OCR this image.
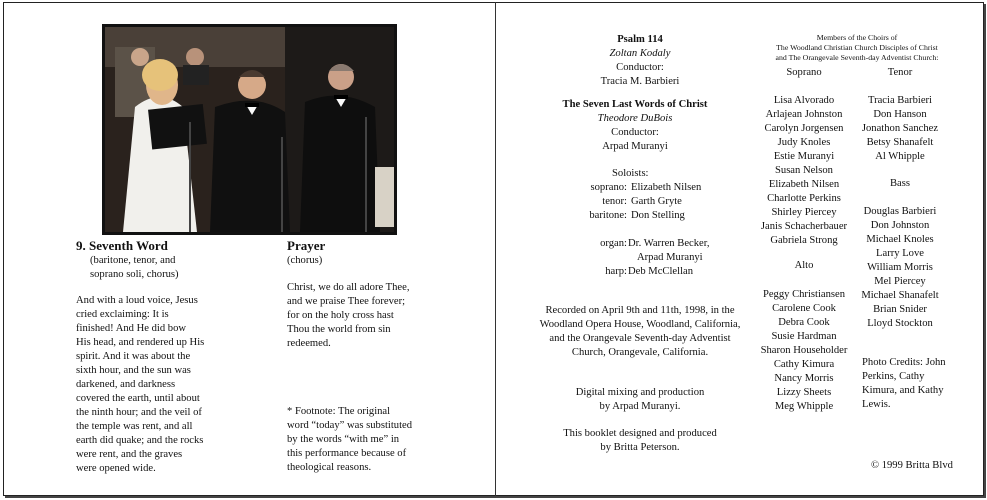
9. Seventh Word
(baritone, tenor, and
soprano soli, chorus)
And with a loud voice, Jesus
cried exclaiming: It is
finished! And He did bow
His head, and rendered up His
spirit. And it was about the
sixth hour, and the sun was
darkened, and darkness
covered the earth, until about
the ninth hour; and the veil of
the temple was rent, and all
earth did quake; and the rocks
were rent, and the graves
were opened wide.
Prayer
(chorus)
Christ, we do all adore Thee,
and we praise Thee forever;
for on the holy cross hast
Thou the world from sin
redeemed.
* Footnote: The original
word “today” was substituted
by the words “with me” in
this performance because of
theological reasons.
Psalm 114
Zoltan Kodaly
Conductor:
Tracia M. Barbieri
The Seven Last Words of Christ
Theodore DuBois
Conductor:
Arpad Muranyi
Soloists:
soprano:
tenor:
baritone:
Elizabeth Nilsen
Garth Gryte
Don Stelling
organ:

harp:
Dr. Warren Becker,
Arpad Muranyi
Deb McClellan
Recorded on April 9th and 11th, 1998, in the
Woodland Opera House, Woodland, California,
and the Orangevale Seventh-day Adventist
Church, Orangevale, California.
Digital mixing and production
by Arpad Muranyi.
This booklet designed and produced
by Britta Peterson.
Members of the Choirs of
The Woodland Christian Church Disciples of Christ
and The Orangevale Seventh-day Adventist Church:
Soprano	Tenor
Lisa Alvorado
Arlajean Johnston
Carolyn Jorgensen
Judy Knoles
Estie Muranyi
Susan Nelson
Elizabeth Nilsen
Charlotte Perkins
Shirley Piercey
Janis Schacherbauer
Gabriela Strong
Tracia Barbieri
Don Hanson
Jonathon Sanchez
Betsy Shanafelt
Al Whipple
Bass
Douglas Barbieri
Don Johnston
Michael Knoles
Larry Love
William Morris
Mel Piercey
Michael Shanafelt
Brian Snider
Lloyd Stockton
Alto
Peggy Christiansen
Carolene Cook
Debra Cook
Susie Hardman
Sharon Householder
Cathy Kimura
Nancy Morris
Lizzy Sheets
Meg Whipple
Photo Credits: John
Perkins, Cathy
Kimura, and Kathy
Lewis.
© 1999 Britta Blvd
